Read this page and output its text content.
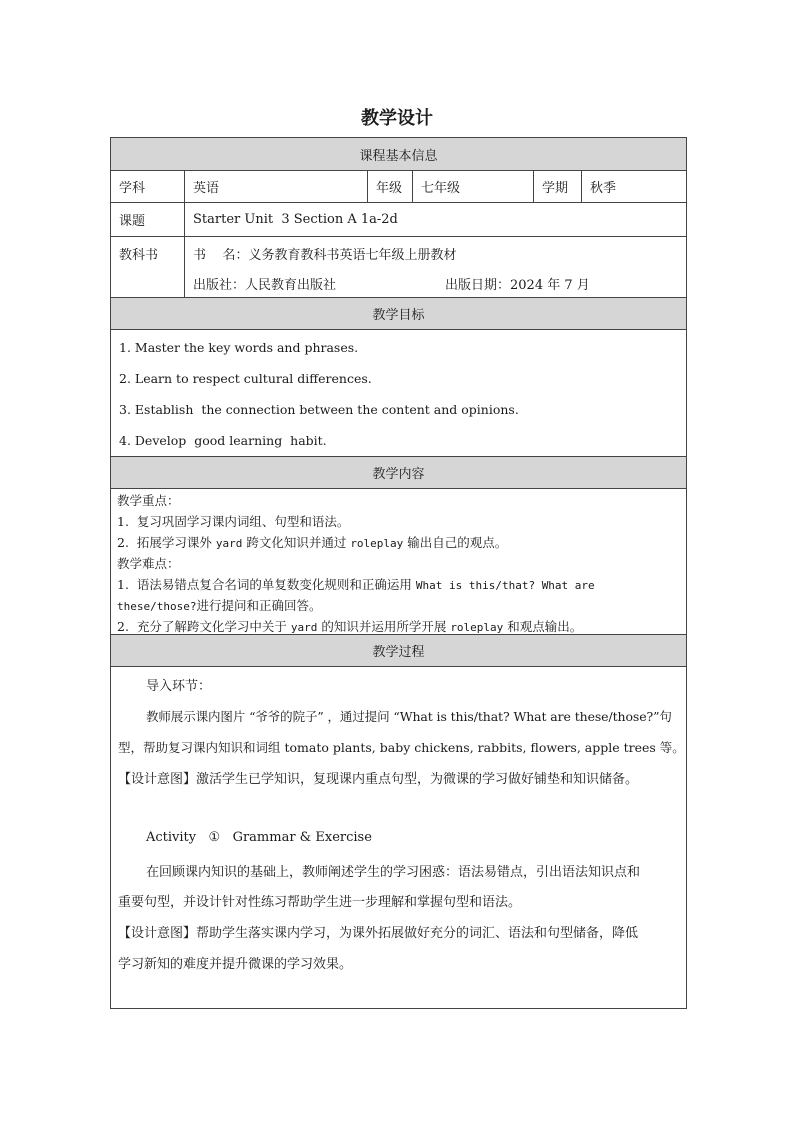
教学设计
课程基本信息
学科	英语	年级	七年级	学期	秋季
课题	Starter Unit  3 Section A 1a-2d
教科书	书    名：义务教育教科书英语七年级上册教材
出版社：人民教育出版社	出版日期：2024 年 7 月
教学目标
1. Master the key words and phrases.
2. Learn to respect cultural differences.
3. Establish  the connection between the content and opinions.
4. Develop  good learning  habit.
教学内容
教学重点：
1.  复习巩固学习课内词组、句型和语法。
2.  拓展学习课外 yard 跨文化知识并通过 roleplay 输出自己的观点。
教学难点：
1.  语法易错点复合名词的单复数变化规则和正确运用 What is this/that? What are
these/those?进行提问和正确回答。
2.  充分了解跨文化学习中关于 yard 的知识并运用所学开展 roleplay 和观点输出。
教学过程
导入环节：
教师展示课内图片 “爷爷的院子” ，通过提问 “What is this/that? What are these/those?”句
型，帮助复习课内知识和词组 tomato plants, baby chickens, rabbits, flowers, apple trees 等。
【设计意图】激活学生已学知识，复现课内重点句型，为微课的学习做好铺垫和知识储备。
Activity   ①   Grammar & Exercise
在回顾课内知识的基础上，教师阐述学生的学习困惑：语法易错点，引出语法知识点和
重要句型，并设计针对性练习帮助学生进一步理解和掌握句型和语法。
【设计意图】帮助学生落实课内学习，为课外拓展做好充分的词汇、语法和句型储备，降低
学习新知的难度并提升微课的学习效果。
